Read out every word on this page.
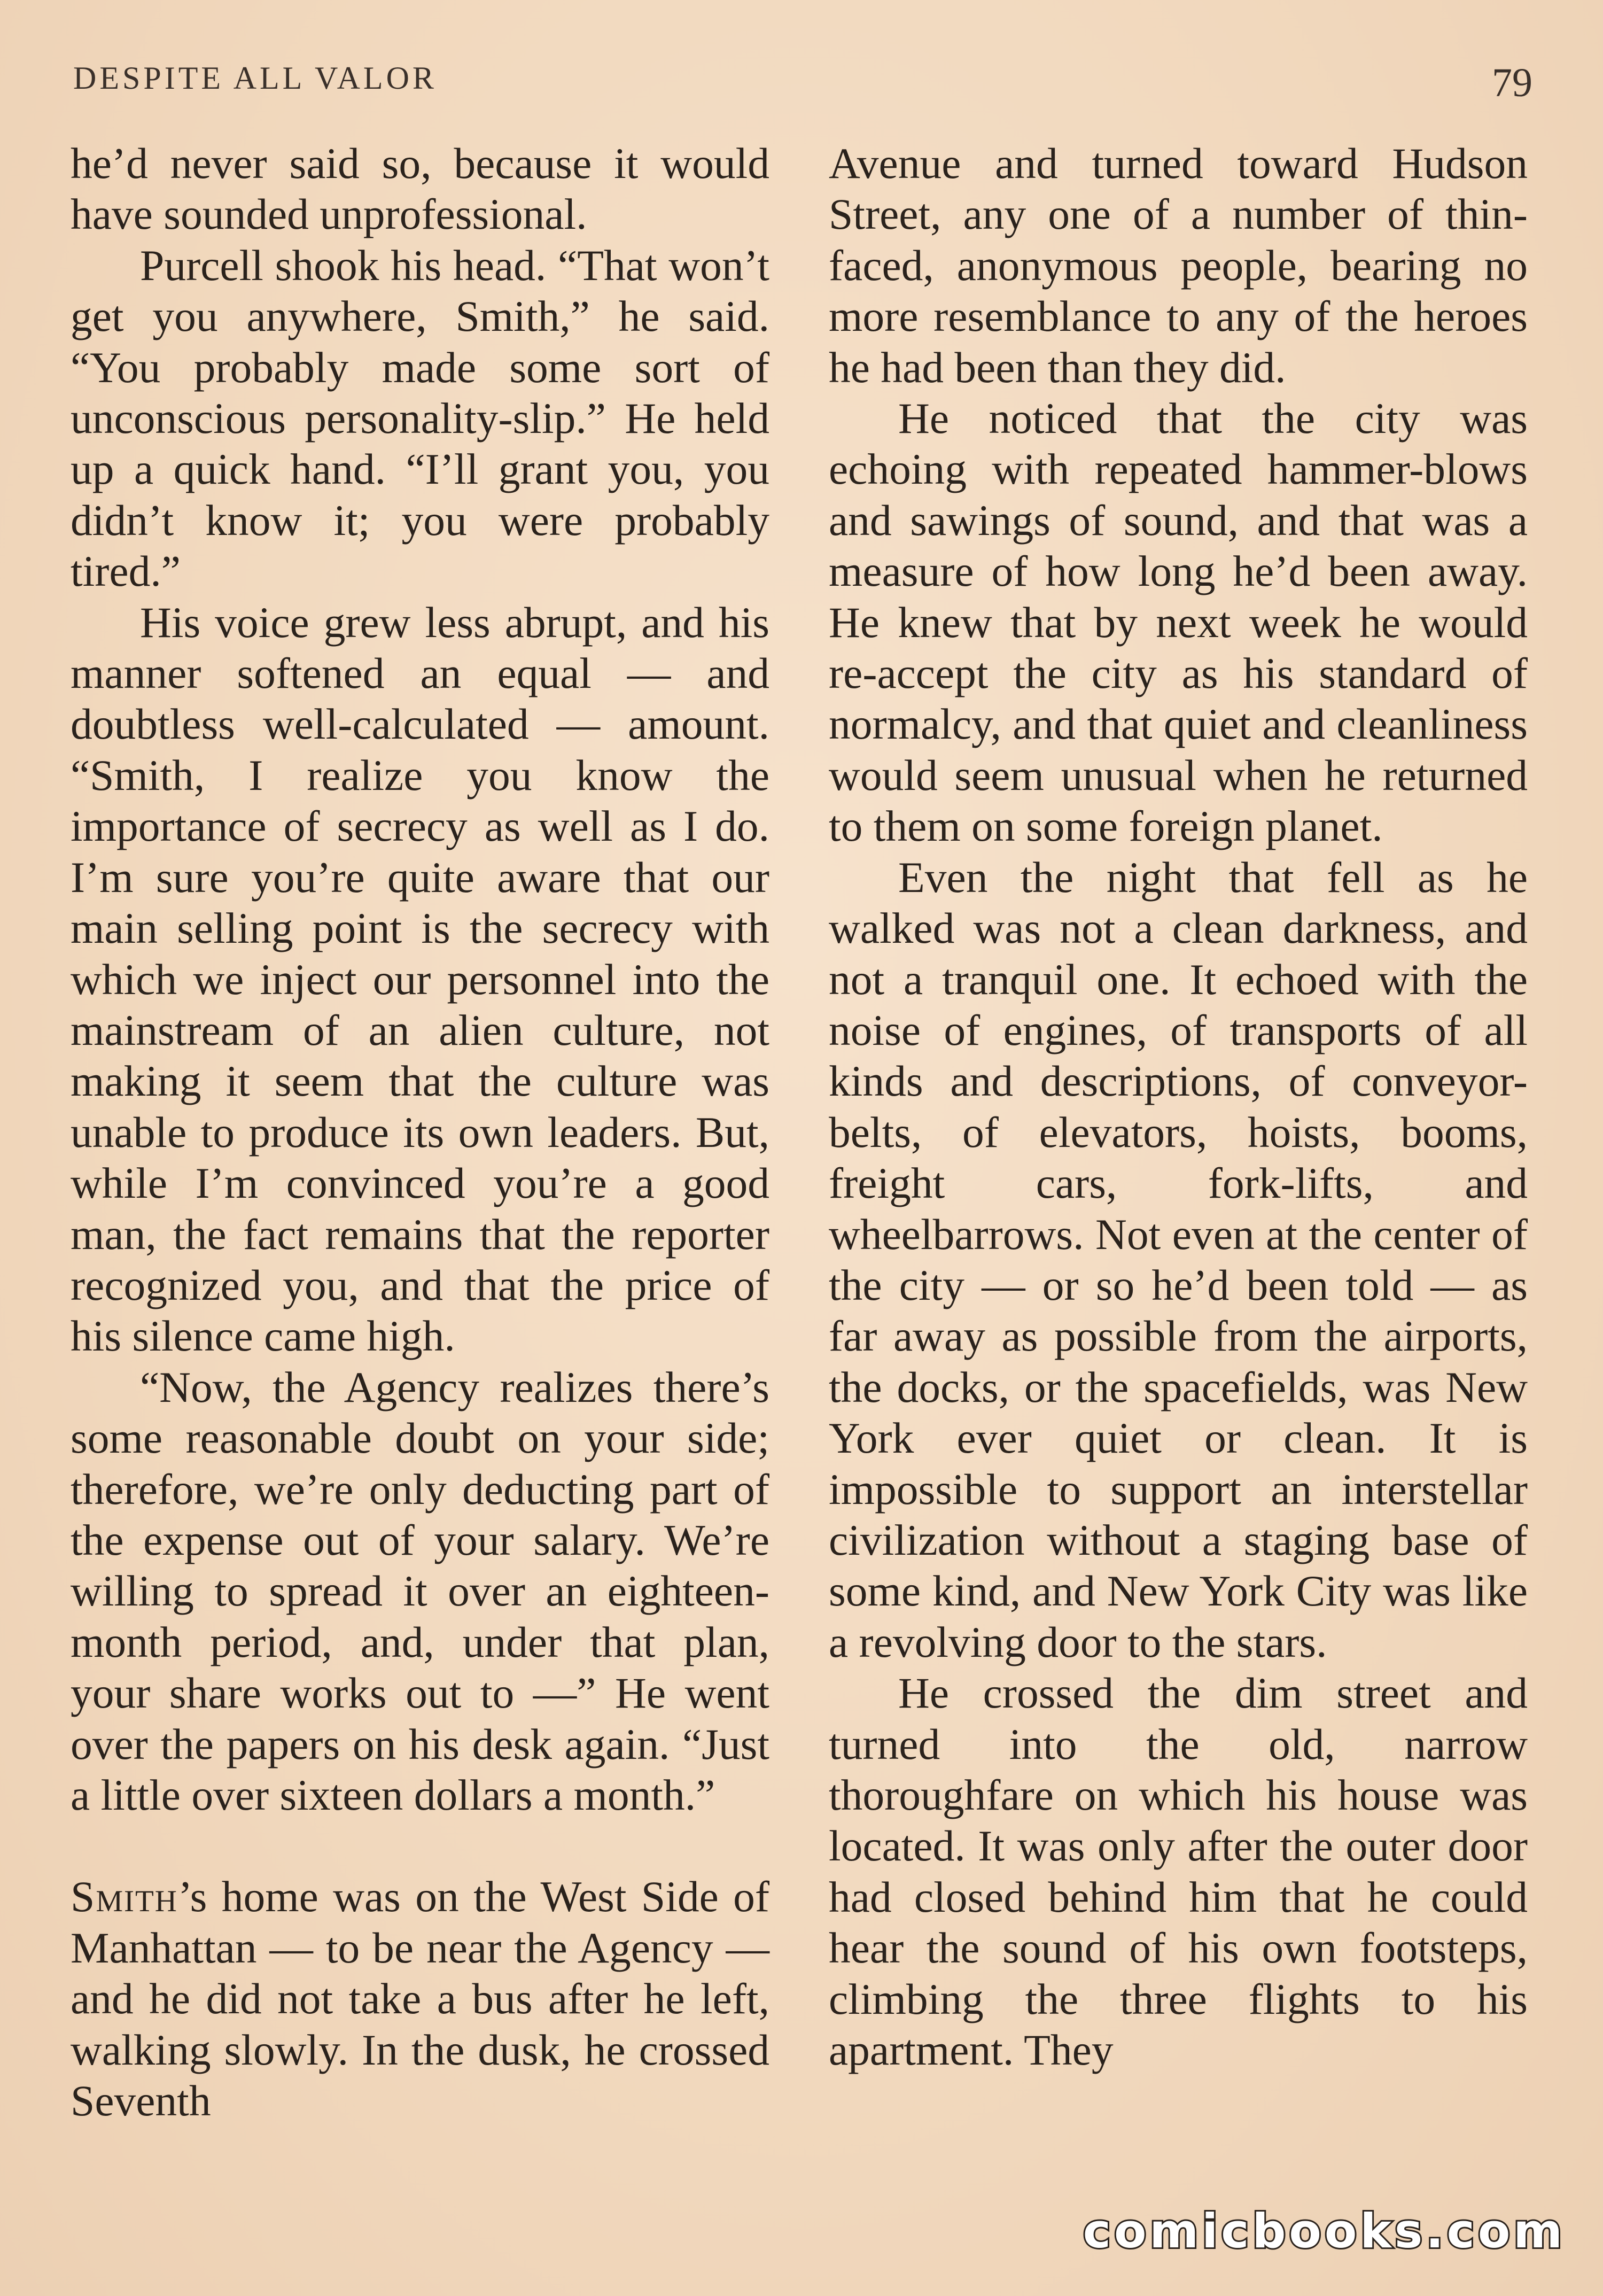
DESPITE ALL VALOR	79

he’d never said so, because it would have sounded unprofessional.

Purcell shook his head. “That won’t get you anywhere, Smith,” he said. “You probably made some sort of unconscious personality-slip.” He held up a quick hand. “I’ll grant you, you didn’t know it; you were probably tired.”

His voice grew less abrupt, and his manner softened an equal — and doubtless well-calculated — amount. “Smith, I realize you know the importance of secrecy as well as I do. I’m sure you’re quite aware that our main selling point is the secrecy with which we inject our personnel into the mainstream of an alien culture, not making it seem that the culture was unable to produce its own leaders. But, while I’m convinced you’re a good man, the fact remains that the reporter recognized you, and that the price of his silence came high.

“Now, the Agency realizes there’s some reasonable doubt on your side; therefore, we’re only deducting part of the expense out of your salary. We’re willing to spread it over an eighteen-month period, and, under that plan, your share works out to —” He went over the papers on his desk again. “Just a little over sixteen dollars a month.”

Smith’s home was on the West Side of Manhattan — to be near the Agency — and he did not take a bus after he left, walking slowly. In the dusk, he crossed Seventh

Avenue and turned toward Hudson Street, any one of a number of thin-faced, anonymous people, bearing no more resemblance to any of the heroes he had been than they did.

He noticed that the city was echoing with repeated hammer-blows and sawings of sound, and that was a measure of how long he’d been away. He knew that by next week he would re-accept the city as his standard of normalcy, and that quiet and cleanliness would seem unusual when he returned to them on some foreign planet.

Even the night that fell as he walked was not a clean darkness, and not a tranquil one. It echoed with the noise of engines, of transports of all kinds and descriptions, of conveyor-belts, of elevators, hoists, booms, freight cars, fork-lifts, and wheelbarrows. Not even at the center of the city — or so he’d been told — as far away as possible from the airports, the docks, or the spacefields, was New York ever quiet or clean. It is impossible to support an interstellar civilization without a staging base of some kind, and New York City was like a revolving door to the stars.

He crossed the dim street and turned into the old, narrow thoroughfare on which his house was located. It was only after the outer door had closed behind him that he could hear the sound of his own footsteps, climbing the three flights to his apartment. They

comicbooks.com
